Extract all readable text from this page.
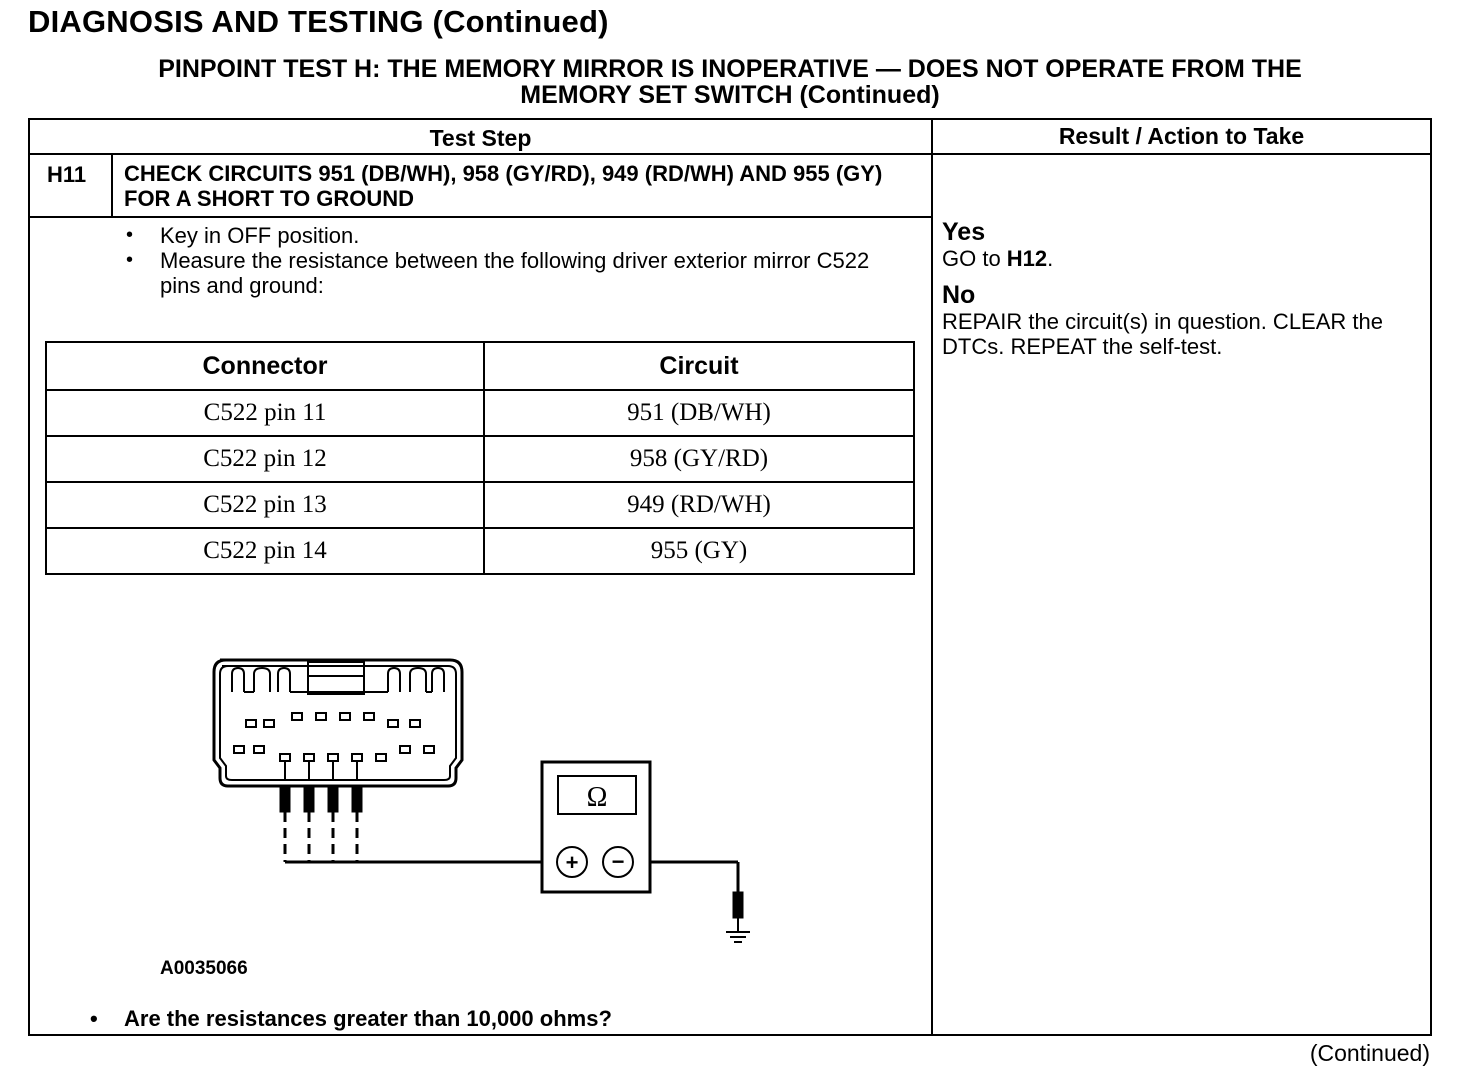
DIAGNOSIS AND TESTING (Continued)
PINPOINT TEST H: THE MEMORY MIRROR IS INOPERATIVE — DOES NOT OPERATE FROM THE
MEMORY SET SWITCH (Continued)
Test Step	Result / Action to Take
H11 CHECK CIRCUITS 951 (DB/WH), 958 (GY/RD), 949 (RD/WH) AND 955 (GY) FOR A SHORT TO GROUND
• Key in OFF position.
• Measure the resistance between the following driver exterior mirror C522 pins and ground:
Connector	Circuit
C522 pin 11	951 (DB/WH)
C522 pin 12	958 (GY/RD)
C522 pin 13	949 (RD/WH)
C522 pin 14	955 (GY)
Ω
+ −
A0035066
• Are the resistances greater than 10,000 ohms?
Yes
GO to H12.
No
REPAIR the circuit(s) in question. CLEAR the DTCs. REPEAT the self-test.
(Continued)
